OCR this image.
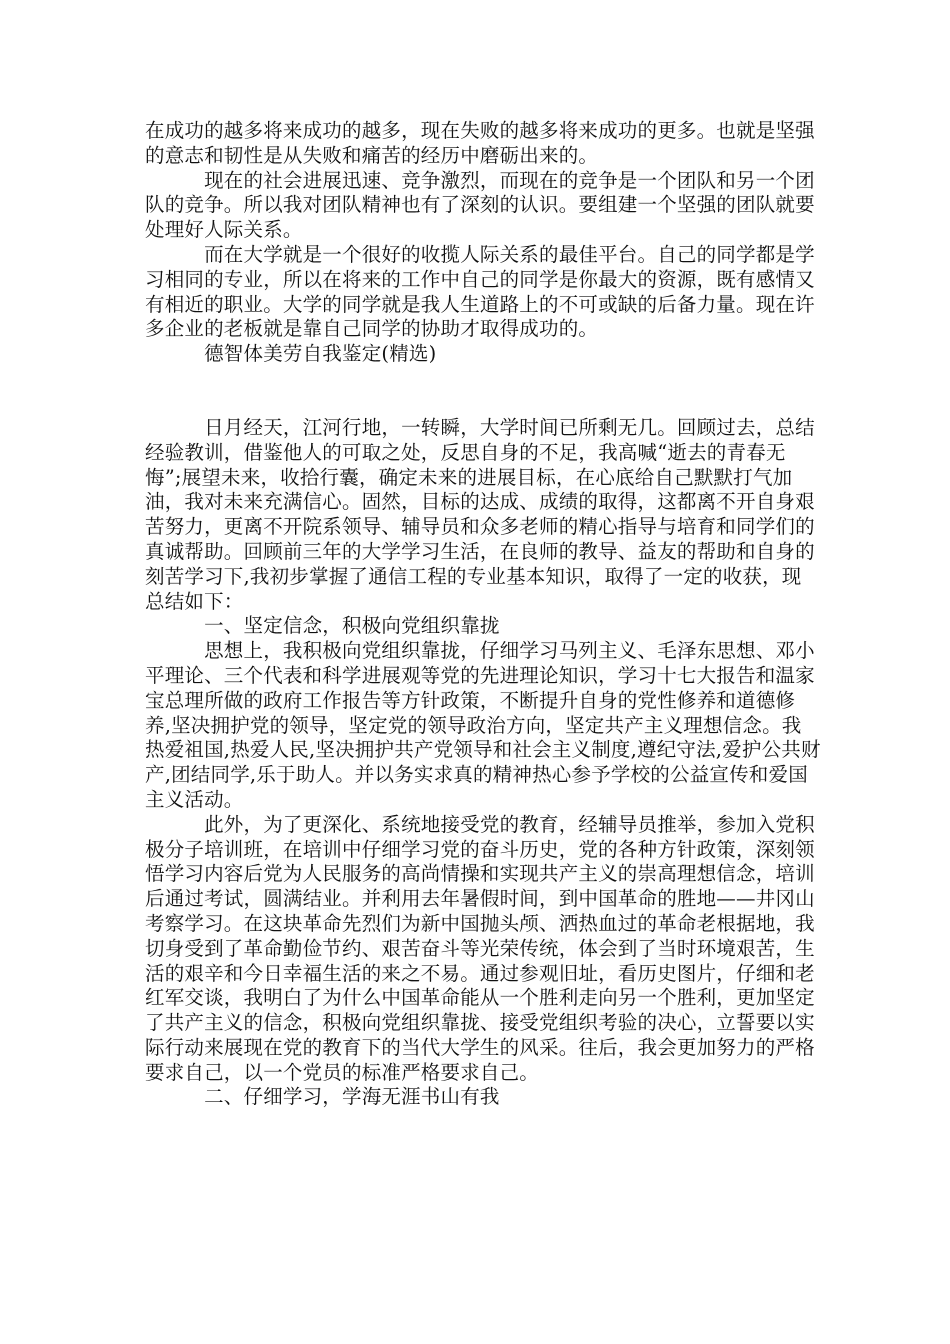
在成功的越多将来成功的越多，现在失败的越多将来成功的更多。也就是坚强的意志和韧性是从失败和痛苦的经历中磨砺出来的。

　　　现在的社会进展迅速、竞争激烈，而现在的竞争是一个团队和另一个团队的竞争。所以我对团队精神也有了深刻的认识。要组建一个坚强的团队就要处理好人际关系。

　　　而在大学就是一个很好的收揽人际关系的最佳平台。自己的同学都是学习相同的专业，所以在将来的工作中自己的同学是你最大的资源，既有感情又有相近的职业。大学的同学就是我人生道路上的不可或缺的后备力量。现在许多企业的老板就是靠自己同学的协助才取得成功的。

　　　德智体美劳自我鉴定(精选)

　　　日月经天，江河行地，一转瞬，大学时间已所剩无几。回顾过去，总结经验教训，借鉴他人的可取之处，反思自身的不足，我高喊“逝去的青春无悔”;展望未来，收拾行囊，确定未来的进展目标，在心底给自己默默打气加油，我对未来充满信心。固然，目标的达成、成绩的取得，这都离不开自身艰苦努力，更离不开院系领导、辅导员和众多老师的精心指导与培育和同学们的真诚帮助。回顾前三年的大学学习生活，在良师的教导、益友的帮助和自身的刻苦学习下,我初步掌握了通信工程的专业基本知识，取得了一定的收获，现总结如下：

　　　一、坚定信念，积极向党组织靠拢

　　　思想上，我积极向党组织靠拢，仔细学习马列主义、毛泽东思想、邓小平理论、三个代表和科学进展观等党的先进理论知识，学习十七大报告和温家宝总理所做的政府工作报告等方针政策，不断提升自身的党性修养和道德修养,坚决拥护党的领导，坚定党的领导政治方向，坚定共产主义理想信念。我热爱祖国,热爱人民,坚决拥护共产党领导和社会主义制度,遵纪守法,爱护公共财产,团结同学,乐于助人。并以务实求真的精神热心参予学校的公益宣传和爱国主义活动。

　　　此外，为了更深化、系统地接受党的教育，经辅导员推举，参加入党积极分子培训班，在培训中仔细学习党的奋斗历史，党的各种方针政策，深刻领悟学习内容后党为人民服务的高尚情操和实现共产主义的崇高理想信念，培训后通过考试，圆满结业。并利用去年暑假时间，到中国革命的胜地——井冈山考察学习。在这块革命先烈们为新中国抛头颅、洒热血过的革命老根据地，我切身受到了革命勤俭节约、艰苦奋斗等光荣传统，体会到了当时环境艰苦，生活的艰辛和今日幸福生活的来之不易。通过参观旧址，看历史图片，仔细和老红军交谈，我明白了为什么中国革命能从一个胜利走向另一个胜利，更加坚定了共产主义的信念，积极向党组织靠拢、接受党组织考验的决心，立誓要以实际行动来展现在党的教育下的当代大学生的风采。往后，我会更加努力的严格要求自己，以一个党员的标准严格要求自己。

　　　二、仔细学习，学海无涯书山有我
